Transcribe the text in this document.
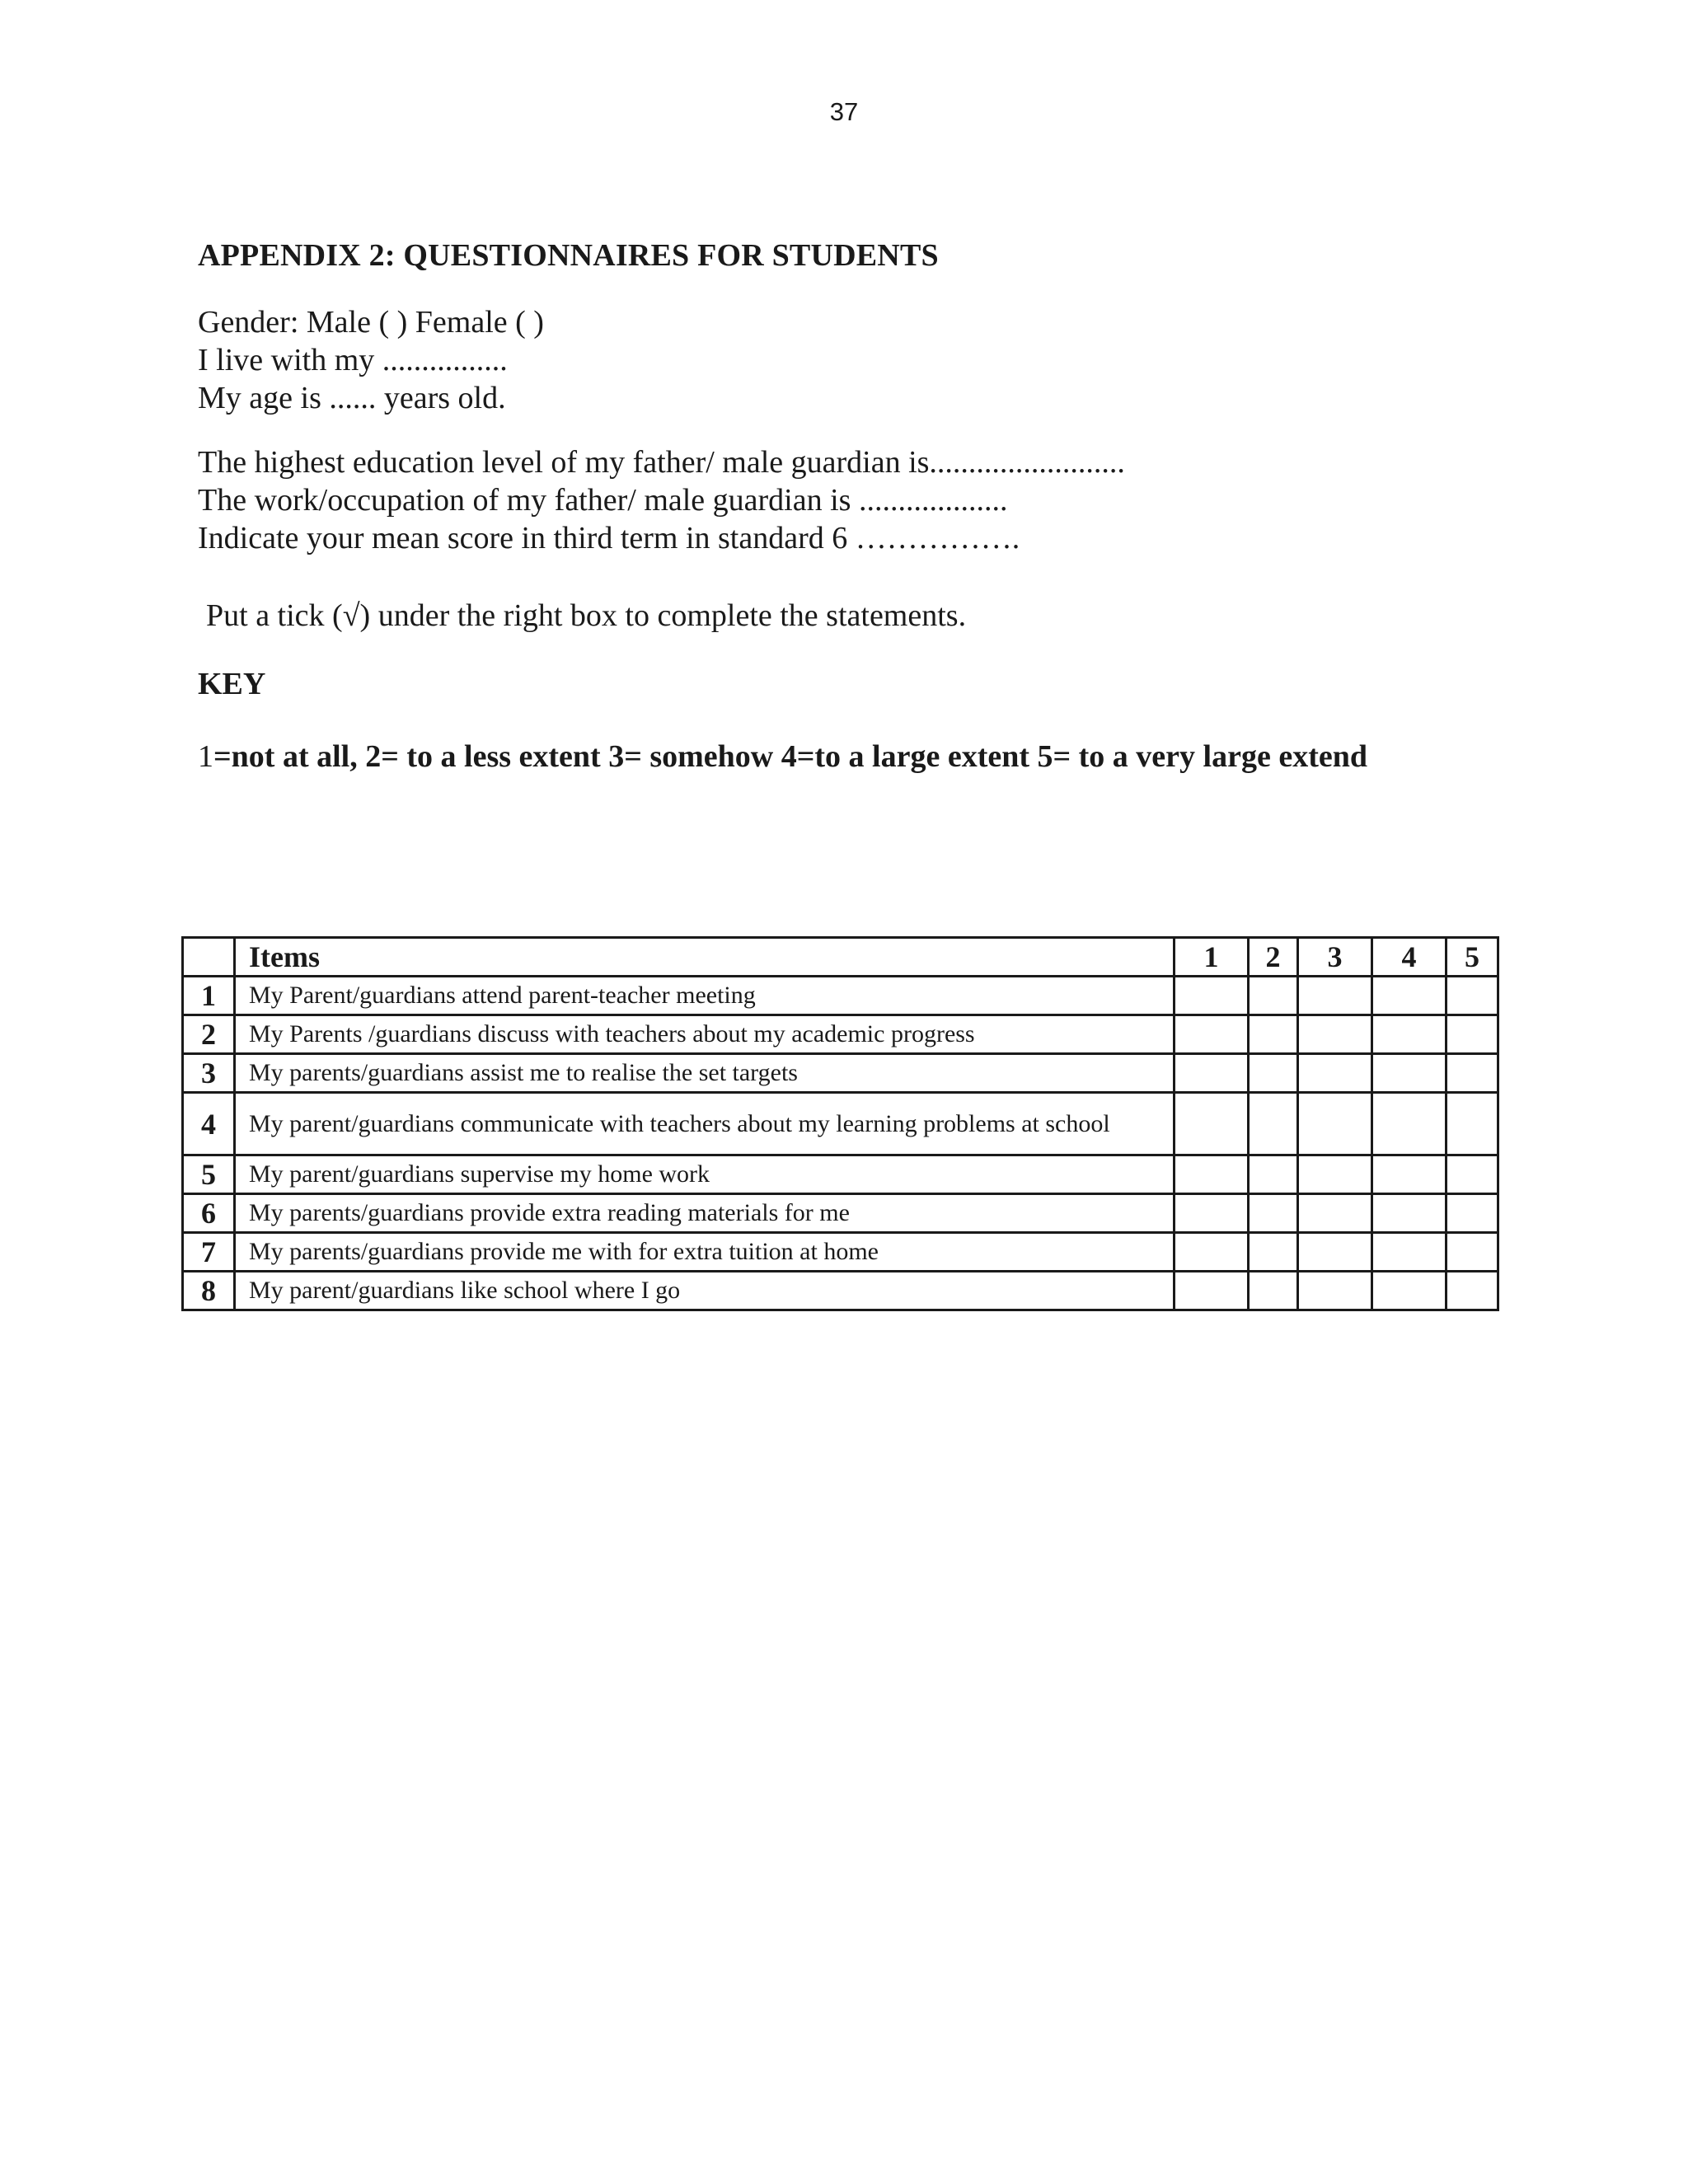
37
APPENDIX 2: QUESTIONNAIRES FOR STUDENTS
Gender: Male ( ) Female ( )
I live with my ................
My age is ...... years old.
The highest education level of my father/ male guardian is.........................
The work/occupation of my father/ male guardian is ...................
Indicate your mean score in third term in standard 6 …………….
Put a tick (√) under the right box to complete the statements.
KEY
1=not at all, 2= to a less extent 3= somehow 4=to a large extent 5= to a very large extend
	Items	1	2	3	4	5
1	My Parent/guardians attend parent-teacher meeting					
2	My Parents /guardians discuss with teachers about my academic progress					
3	My parents/guardians assist me to realise the set targets					
4	My parent/guardians communicate with teachers about my learning problems at school					
5	My parent/guardians supervise my home work					
6	My parents/guardians provide extra reading materials for me					
7	My parents/guardians provide me with for extra tuition at home					
8	My parent/guardians like school where I go					
